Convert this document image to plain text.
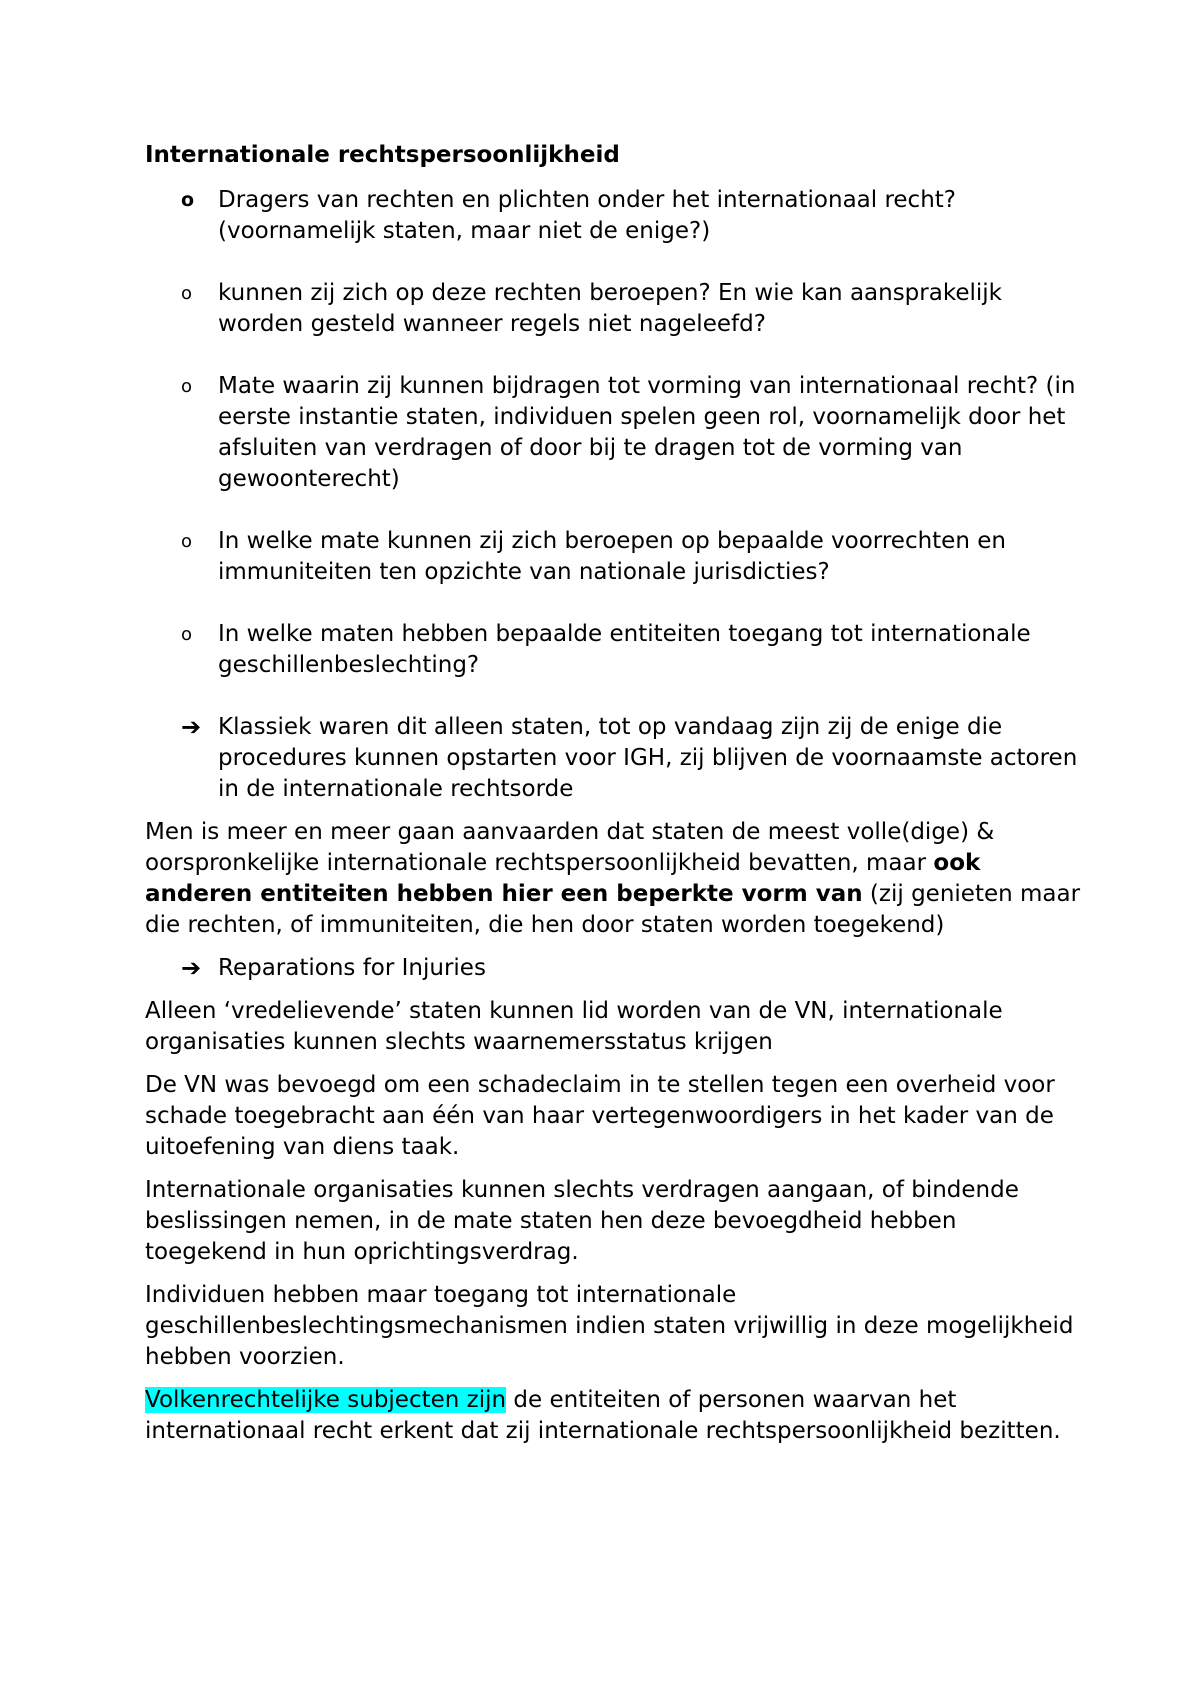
Internationale rechtspersoonlijkheid
o	Dragers van rechten en plichten onder het internationaal recht? (voornamelijk staten, maar niet de enige?)
o	kunnen zij zich op deze rechten beroepen? En wie kan aansprakelijk worden gesteld wanneer regels niet nageleefd?
o	Mate waarin zij kunnen bijdragen tot vorming van internationaal recht? (in eerste instantie staten, individuen spelen geen rol, voornamelijk door het afsluiten van verdragen of door bij te dragen tot de vorming van gewoonterecht)
o	In welke mate kunnen zij zich beroepen op bepaalde voorrechten en immuniteiten ten opzichte van nationale jurisdicties?
o	In welke maten hebben bepaalde entiteiten toegang tot internationale geschillenbeslechting?
➔ Klassiek waren dit alleen staten, tot op vandaag zijn zij de enige die procedures kunnen opstarten voor IGH, zij blijven de voornaamste actoren in de internationale rechtsorde

Men is meer en meer gaan aanvaarden dat staten de meest volle(dige) & oorspronkelijke internationale rechtspersoonlijkheid bevatten, maar ook anderen entiteiten hebben hier een beperkte vorm van (zij genieten maar die rechten, of immuniteiten, die hen door staten worden toegekend)

➔ Reparations for Injuries

Alleen ‘vredelievende’ staten kunnen lid worden van de VN, internationale organisaties kunnen slechts waarnemersstatus krijgen

De VN was bevoegd om een schadeclaim in te stellen tegen een overheid voor schade toegebracht aan één van haar vertegenwoordigers in het kader van de uitoefening van diens taak.

Internationale organisaties kunnen slechts verdragen aangaan, of bindende beslissingen nemen, in de mate staten hen deze bevoegdheid hebben toegekend in hun oprichtingsverdrag.

Individuen hebben maar toegang tot internationale geschillenbeslechtingsmechanismen indien staten vrijwillig in deze mogelijkheid hebben voorzien.

Volkenrechtelijke subjecten zijn de entiteiten of personen waarvan het internationaal recht erkent dat zij internationale rechtspersoonlijkheid bezitten.
